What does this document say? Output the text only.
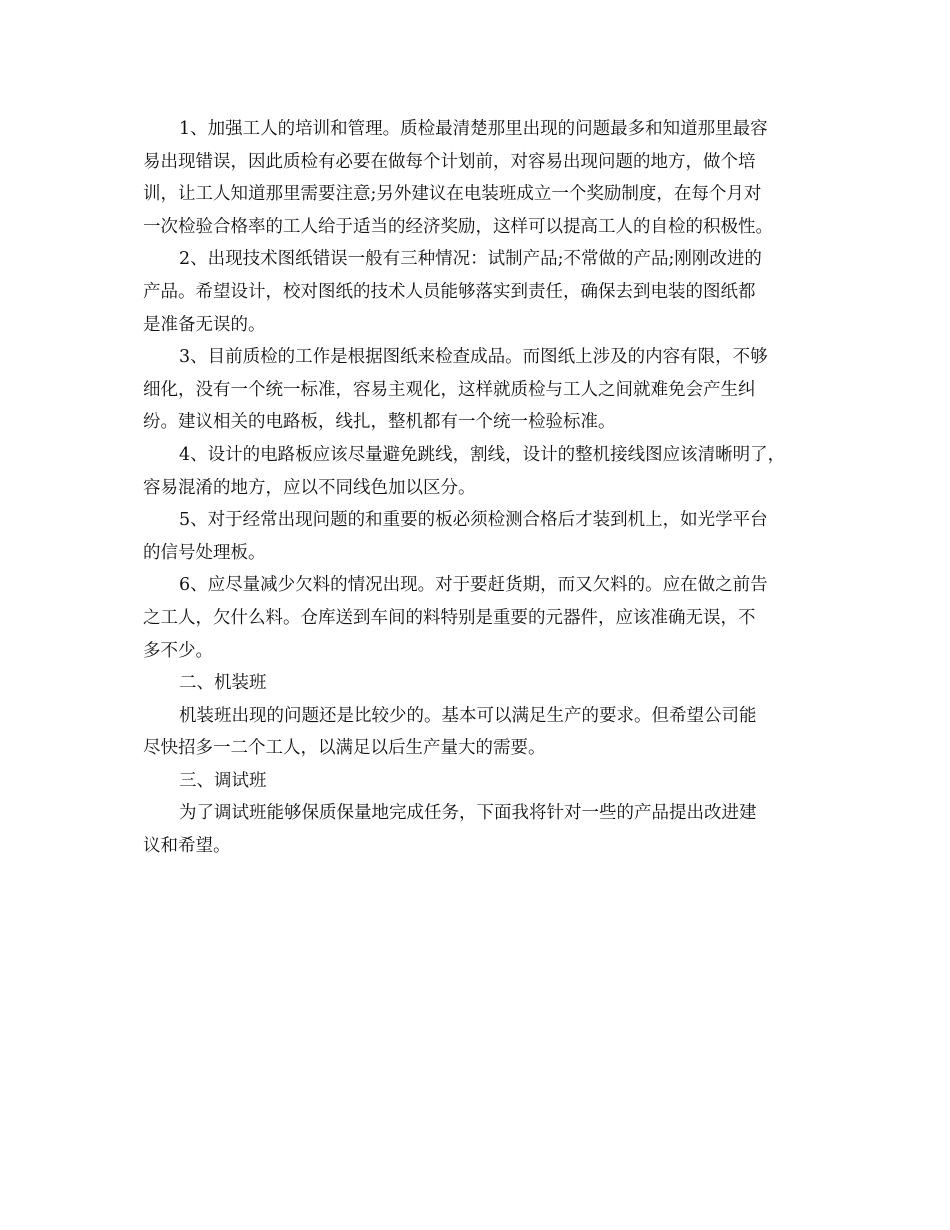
1、加强工人的培训和管理。质检最清楚那里出现的问题最多和知道那里最容
易出现错误，因此质检有必要在做每个计划前，对容易出现问题的地方，做个培
训，让工人知道那里需要注意;另外建议在电装班成立一个奖励制度，在每个月对
一次检验合格率的工人给于适当的经济奖励，这样可以提高工人的自检的积极性。
2、出现技术图纸错误一般有三种情况：试制产品;不常做的产品;刚刚改进的
产品。希望设计，校对图纸的技术人员能够落实到责任，确保去到电装的图纸都
是准备无误的。
3、目前质检的工作是根据图纸来检查成品。而图纸上涉及的内容有限，不够
细化，没有一个统一标准，容易主观化，这样就质检与工人之间就难免会产生纠
纷。建议相关的电路板，线扎，整机都有一个统一检验标准。
4、设计的电路板应该尽量避免跳线，割线，设计的整机接线图应该清晰明了，
容易混淆的地方，应以不同线色加以区分。
5、对于经常出现问题的和重要的板必须检测合格后才装到机上，如光学平台
的信号处理板。
6、应尽量减少欠料的情况出现。对于要赶货期，而又欠料的。应在做之前告
之工人，欠什么料。仓库送到车间的料特别是重要的元器件，应该准确无误，不
多不少。
二、机装班
机装班出现的问题还是比较少的。基本可以满足生产的要求。但希望公司能
尽快招多一二个工人，以满足以后生产量大的需要。
三、调试班
为了调试班能够保质保量地完成任务，下面我将针对一些的产品提出改进建
议和希望。
